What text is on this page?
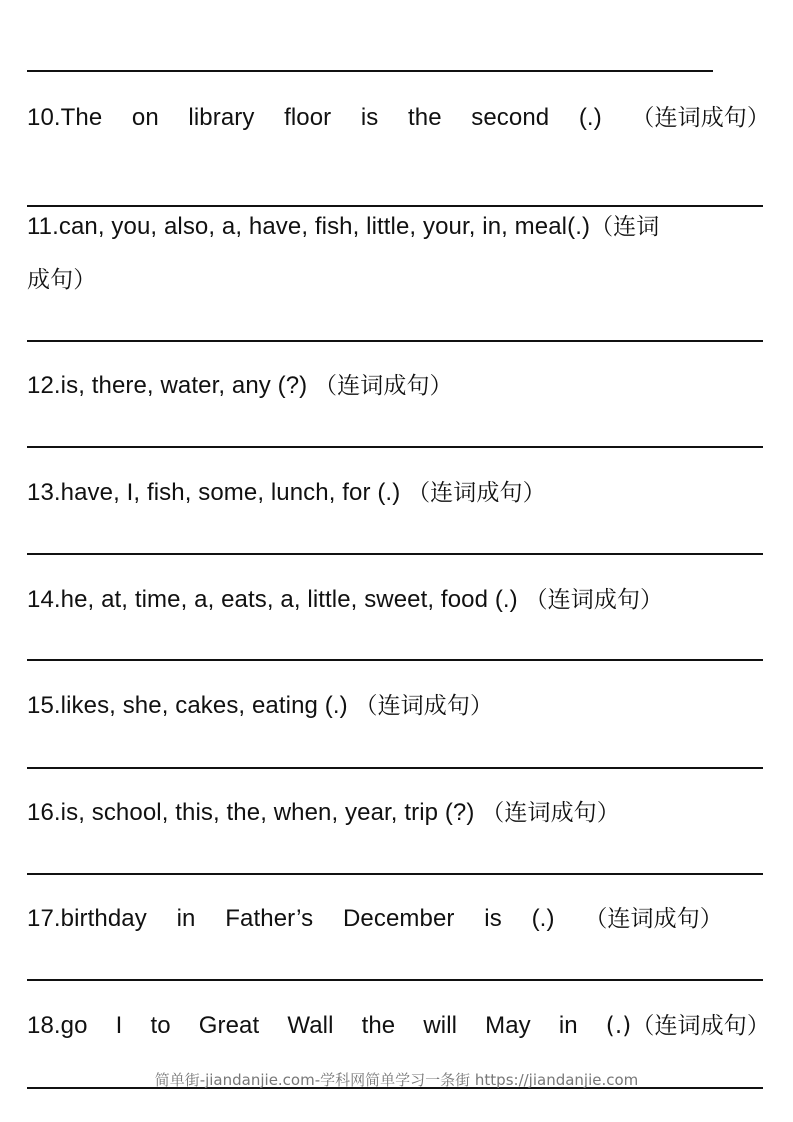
10.The on library floor is the second (.) （连词成句）
11.can, you, also, a, have, fish, little, your, in, meal(.)（连词
成句）
12.is, there, water, any (?) （连词成句）
13.have, I, fish, some, lunch, for (.) （连词成句）
14.he, at, time, a, eats, a, little, sweet, food (.) （连词成句）
15.likes, she, cakes, eating (.) （连词成句）
16.is, school, this, the, when, year, trip (?) （连词成句）
17.birthday in Father’s December is (.) （连词成句）
18.go I to Great Wall the will May in (.)（连词成句）
简单街-jiandanjie.com-学科网简单学习一条街 https://jiandanjie.com
